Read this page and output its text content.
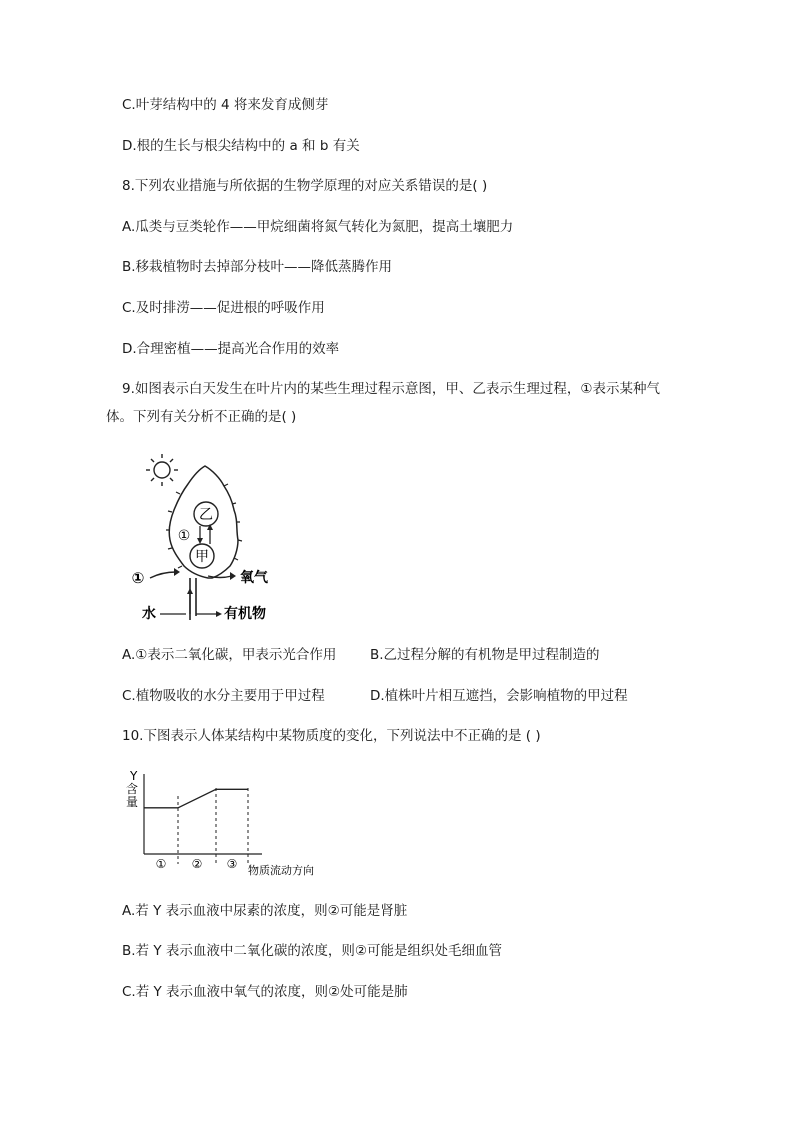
C.叶芽结构中的 4 将来发育成侧芽
D.根的生长与根尖结构中的 a 和 b 有关
8.下列农业措施与所依据的生物学原理的对应关系错误的是( )
A.瓜类与豆类轮作——甲烷细菌将氮气转化为氮肥，提高土壤肥力
B.移栽植物时去掉部分枝叶——降低蒸腾作用
C.及时排涝——促进根的呼吸作用
D.合理密植——提高光合作用的效率
9.如图表示白天发生在叶片内的某些生理过程示意图，甲、乙表示生理过程，①表示某种气
体。下列有关分析不正确的是( )
乙
甲
①
①	氧气
水	有机物
A.①表示二氧化碳，甲表示光合作用 B.乙过程分解的有机物是甲过程制造的
C.植物吸收的水分主要用于甲过程	D.植株叶片相互遮挡，会影响植物的甲过程
10.下图表示人体某结构中某物质度的变化，下列说法中不正确的是 ( )
Y 含 量
① ② ③ 物质流动方向
A.若 Y 表示血液中尿素的浓度，则②可能是肾脏
B.若 Y 表示血液中二氧化碳的浓度，则②可能是组织处毛细血管
C.若 Y 表示血液中氧气的浓度，则②处可能是肺
